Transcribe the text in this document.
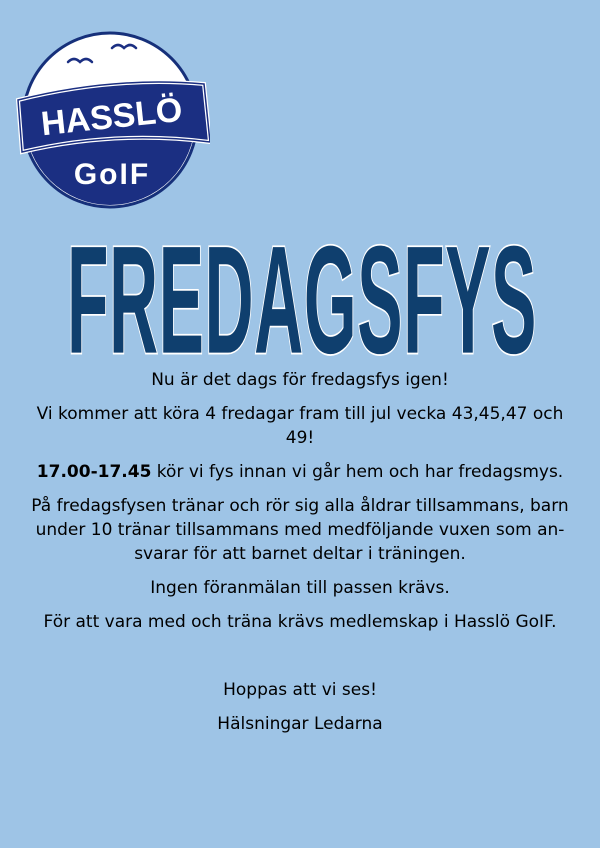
HASSLÖ
GoIF
FREDAGSFYS

Nu är det dags för fredagsfys igen!

Vi kommer att köra 4 fredagar fram till jul vecka 43,45,47 och 49!

17.00-17.45 kör vi fys innan vi går hem och har fredagsmys.

På fredagsfysen tränar och rör sig alla åldrar tillsammans, barn under 10 tränar tillsammans med medföljande vuxen som an-svarar för att barnet deltar i träningen.

Ingen föranmälan till passen krävs.

För att vara med och träna krävs medlemskap i Hasslö GoIF.

Hoppas att vi ses!

Hälsningar Ledarna
